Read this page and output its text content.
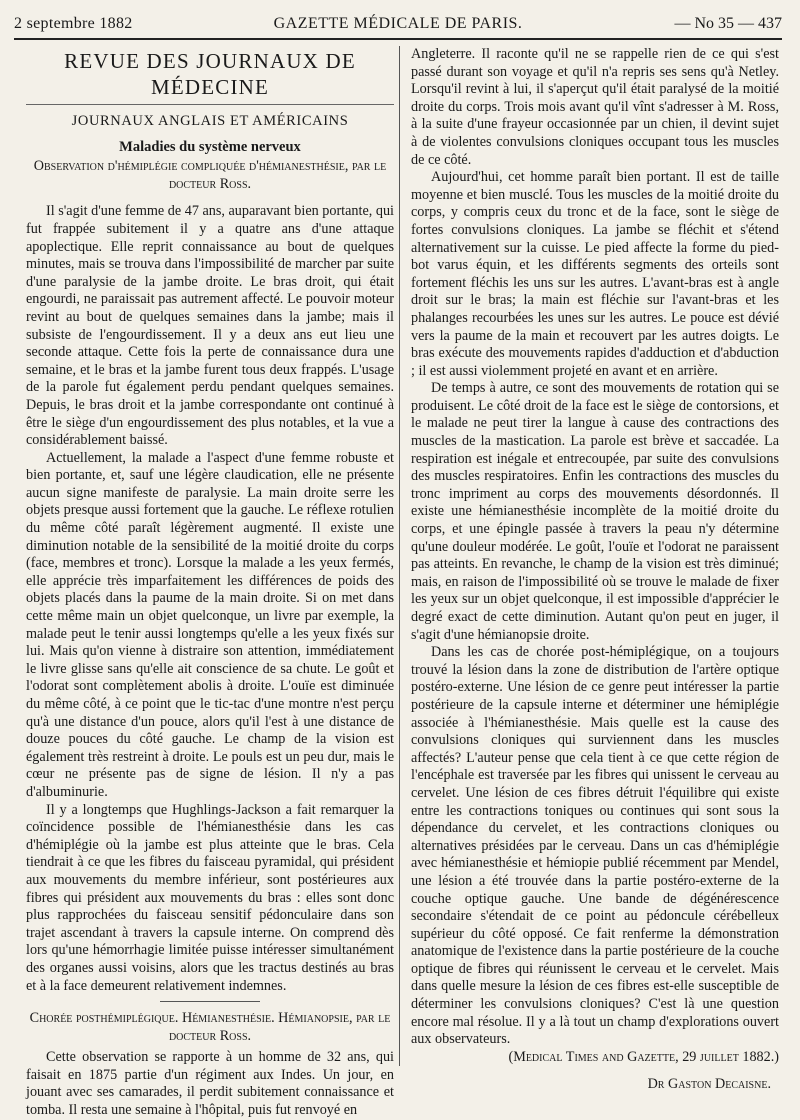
2 septembre 1882	GAZETTE MÉDICALE DE PARIS.	— No 35 — 437
REVUE DES JOURNAUX DE MÉDECINE
JOURNAUX ANGLAIS ET AMÉRICAINS
Maladies du système nerveux

Observation d'hémiplégie compliquée d'hémianesthésie, par le docteur Ross.

Il s'agit d'une femme de 47 ans, auparavant bien portante, qui fut frappée subitement il y a quatre ans d'une attaque apoplectique. Elle reprit connaissance au bout de quelques minutes, mais se trouva dans l'impossibilité de marcher par suite d'une paralysie de la jambe droite. Le bras droit, qui était engourdi, ne paraissait pas autrement affecté. Le pouvoir moteur revint au bout de quelques semaines dans la jambe; mais il subsiste de l'engourdissement. Il y a deux ans eut lieu une seconde attaque. Cette fois la perte de connaissance dura une semaine, et le bras et la jambe furent tous deux frappés. L'usage de la parole fut également perdu pendant quelques semaines. Depuis, le bras droit et la jambe correspondante ont continué à être le siège d'un engourdissement des plus notables, et la vue a considérablement baissé.

Actuellement, la malade a l'aspect d'une femme robuste et bien portante, et, sauf une légère claudication, elle ne présente aucun signe manifeste de paralysie. La main droite serre les objets presque aussi fortement que la gauche. Le réflexe rotulien du même côté paraît légèrement augmenté. Il existe une diminution notable de la sensibilité de la moitié droite du corps (face, membres et tronc). Lorsque la malade a les yeux fermés, elle apprécie très imparfaitement les différences de poids des objets placés dans la paume de la main droite. Si on met dans cette même main un objet quelconque, un livre par exemple, la malade peut le tenir aussi longtemps qu'elle a les yeux fixés sur lui. Mais qu'on vienne à distraire son attention, immédiatement le livre glisse sans qu'elle ait conscience de sa chute. Le goût et l'odorat sont complètement abolis à droite. L'ouïe est diminuée du même côté, à ce point que le tic-tac d'une montre n'est perçu qu'à une distance d'un pouce, alors qu'il l'est à une distance de douze pouces du côté gauche. Le champ de la vision est également très restreint à droite. Le pouls est un peu dur, mais le cœur ne présente pas de signe de lésion. Il n'y a pas d'albuminurie.

Il y a longtemps que Hughlings-Jackson a fait remarquer la coïncidence possible de l'hémianesthésie dans les cas d'hémiplégie où la jambe est plus atteinte que le bras. Cela tiendrait à ce que les fibres du faisceau pyramidal, qui président aux mouvements du membre inférieur, sont postérieures aux fibres qui président aux mouvements du bras : elles sont donc plus rapprochées du faisceau sensitif pédonculaire dans son trajet ascendant à travers la capsule interne. On comprend dès lors qu'une hémorrhagie limitée puisse intéresser simultanément des organes aussi voisins, alors que les tractus destinés au bras et à la face demeurent relativement indemnes.

Chorée posthémiplégique. Hémianesthésie. Hémianopsie, par le docteur Ross.

Cette observation se rapporte à un homme de 32 ans, qui faisait en 1875 partie d'un régiment aux Indes. Un jour, en jouant avec ses camarades, il perdit subitement connaissance et tomba. Il resta une semaine à l'hôpital, puis fut renvoyé en

Angleterre. Il raconte qu'il ne se rappelle rien de ce qui s'est passé durant son voyage et qu'il n'a repris ses sens qu'à Netley. Lorsqu'il revint à lui, il s'aperçut qu'il était paralysé de la moitié droite du corps. Trois mois avant qu'il vînt s'adresser à M. Ross, à la suite d'une frayeur occasionnée par un chien, il devint sujet à de violentes convulsions cloniques occupant tous les muscles de ce côté.

Aujourd'hui, cet homme paraît bien portant. Il est de taille moyenne et bien musclé. Tous les muscles de la moitié droite du corps, y compris ceux du tronc et de la face, sont le siège de fortes convulsions cloniques. La jambe se fléchit et s'étend alternativement sur la cuisse. Le pied affecte la forme du pied-bot varus équin, et les différents segments des orteils sont fortement fléchis les uns sur les autres. L'avant-bras est à angle droit sur le bras; la main est fléchie sur l'avant-bras et les phalanges recourbées les unes sur les autres. Le pouce est dévié vers la paume de la main et recouvert par les autres doigts. Le bras exécute des mouvements rapides d'adduction et d'abduction ; il est aussi violemment projeté en avant et en arrière.

De temps à autre, ce sont des mouvements de rotation qui se produisent. Le côté droit de la face est le siège de contorsions, et le malade ne peut tirer la langue à cause des contractions des muscles de la mastication. La parole est brève et saccadée. La respiration est inégale et entrecoupée, par suite des convulsions des muscles respiratoires. Enfin les contractions des muscles du tronc impriment au corps des mouvements désordonnés. Il existe une hémianesthésie incomplète de la moitié droite du corps, et une épingle passée à travers la peau n'y détermine qu'une douleur modérée. Le goût, l'ouïe et l'odorat ne paraissent pas atteints. En revanche, le champ de la vision est très diminué; mais, en raison de l'impossibilité où se trouve le malade de fixer les yeux sur un objet quelconque, il est impossible d'apprécier le degré exact de cette diminution. Autant qu'on peut en juger, il s'agit d'une hémianopsie droite.

Dans les cas de chorée post-hémiplégique, on a toujours trouvé la lésion dans la zone de distribution de l'artère optique postéro-externe. Une lésion de ce genre peut intéresser la partie postérieure de la capsule interne et déterminer une hémiplégie associée à l'hémianesthésie. Mais quelle est la cause des convulsions cloniques qui surviennent dans les muscles affectés? L'auteur pense que cela tient à ce que cette région de l'encéphale est traversée par les fibres qui unissent le cerveau au cervelet. Une lésion de ces fibres détruit l'équilibre qui existe entre les contractions toniques ou continues qui sont sous la dépendance du cervelet, et les contractions cloniques ou alternatives présidées par le cerveau. Dans un cas d'hémiplégie avec hémianesthésie et hémiopie publié récemment par Mendel, une lésion a été trouvée dans la partie postéro-externe de la couche optique gauche. Une bande de dégénérescence secondaire s'étendait de ce point au pédoncule cérébelleux supérieur du côté opposé. Ce fait renferme la démonstration anatomique de l'existence dans la partie postérieure de la couche optique de fibres qui réunissent le cerveau et le cervelet. Mais dans quelle mesure la lésion de ces fibres est-elle susceptible de déterminer les convulsions cloniques? C'est là une question encore mal résolue. Il y a là tout un champ d'explorations ouvert aux observateurs.

(Medical Times and Gazette, 29 juillet 1882.)

Dr Gaston Decaisne.
